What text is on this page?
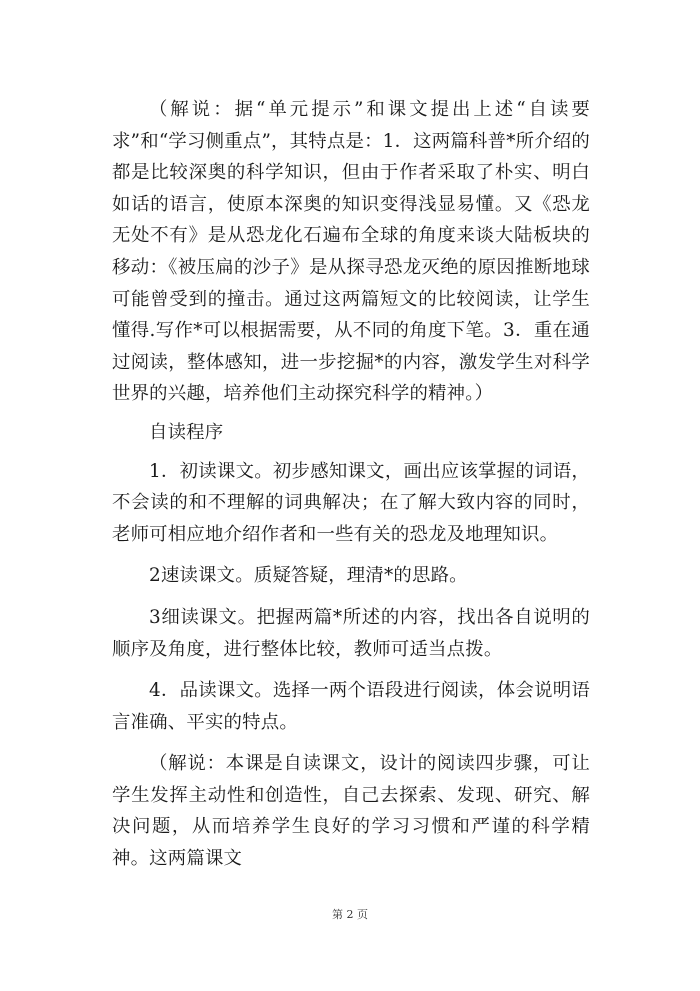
（解说：据“单元提示”和课文提出上述“自读要求”和“学习侧重点”，其特点是：1．这两篇科普*所介绍的都是比较深奥的科学知识，但由于作者采取了朴实、明白如话的语言，使原本深奥的知识变得浅显易懂。又《恐龙无处不有》是从恐龙化石遍布全球的角度来谈大陆板块的移动：《被压扁的沙子》是从探寻恐龙灭绝的原因推断地球可能曾受到的撞击。通过这两篇短文的比较阅读，让学生懂得.写作*可以根据需要，从不同的角度下笔。3．重在通过阅读，整体感知，进一步挖掘*的内容，激发学生对科学世界的兴趣，培养他们主动探究科学的精神。）

自读程序

1．初读课文。初步感知课文，画出应该掌握的词语，不会读的和不理解的词典解决；在了解大致内容的同时，老师可相应地介绍作者和一些有关的恐龙及地理知识。

2速读课文。质疑答疑，理清*的思路。

3细读课文。把握两篇*所述的内容，找出各自说明的顺序及角度，进行整体比较，教师可适当点拨。

4．品读课文。选择一两个语段进行阅读，体会说明语言准确、平实的特点。

（解说：本课是自读课文，设计的阅读四步骤，可让学生发挥主动性和创造性，自己去探索、发现、研究、解决问题，从而培养学生良好的学习习惯和严谨的科学精神。这两篇课文

第 2 页
